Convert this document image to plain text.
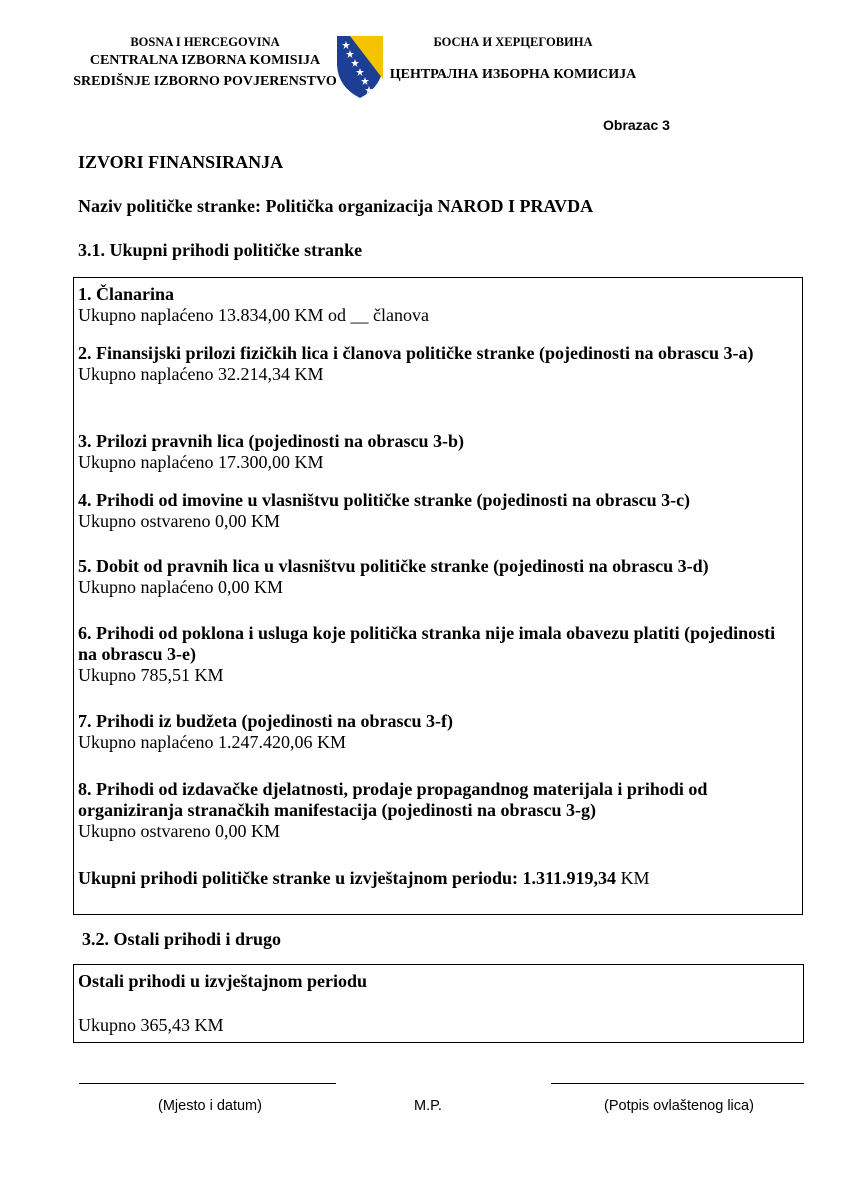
BOSNA I HERCEGOVINA
CENTRALNA IZBORNA KOMISIJA
SREDIŠNJE IZBORNO POVJERENSTVO
БОСНА И ХЕРЦЕГОВИНА
ЦЕНТРАЛНА ИЗБОРНА КОМИСИЈА
Obrazac 3
IZVORI FINANSIRANJA
Naziv političke stranke: Politička organizacija NAROD I PRAVDA
3.1. Ukupni prihodi političke stranke
1. Članarina
Ukupno naplaćeno 13.834,00 KM od __ članova
2. Finansijski prilozi fizičkih lica i članova političke stranke (pojedinosti na obrascu 3-a)
Ukupno naplaćeno 32.214,34 KM
3. Prilozi pravnih lica (pojedinosti na obrascu 3-b)
Ukupno naplaćeno 17.300,00 KM
4. Prihodi od imovine u vlasništvu političke stranke (pojedinosti na obrascu 3-c)
Ukupno ostvareno 0,00 KM
5. Dobit od pravnih lica u vlasništvu političke stranke (pojedinosti na obrascu 3-d)
Ukupno naplaćeno 0,00 KM
6. Prihodi od poklona i usluga koje politička stranka nije imala obavezu platiti (pojedinosti na obrascu 3-e)
Ukupno 785,51 KM
7. Prihodi iz budžeta (pojedinosti na obrascu 3-f)
Ukupno naplaćeno 1.247.420,06 KM
8. Prihodi od izdavačke djelatnosti, prodaje propagandnog materijala i prihodi od organiziranja stranačkih manifestacija (pojedinosti na obrascu 3-g)
Ukupno ostvareno 0,00 KM
Ukupni prihodi političke stranke u izvještajnom periodu: 1.311.919,34 KM
3.2. Ostali prihodi i drugo
Ostali prihodi u izvještajnom periodu
Ukupno 365,43 KM
(Mjesto i datum)	M.P.	(Potpis ovlaštenog lica)
